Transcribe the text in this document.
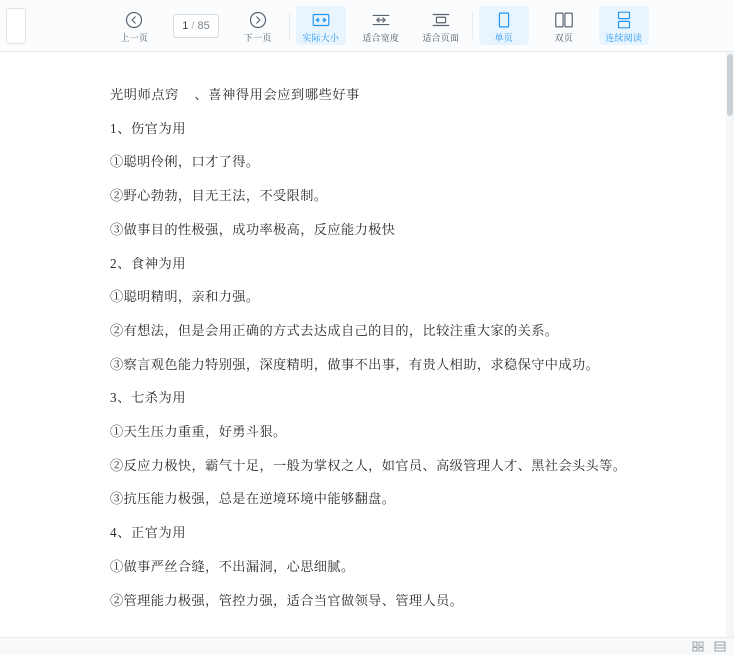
上一页
1 / 85
下一页	实际大小	适合宽度	适合页面	单页	双页	连续阅读

光明师点窍    、喜神得用会应到哪些好事

1、伤官为用

①聪明伶俐，口才了得。

②野心勃勃，目无王法，不受限制。

③做事目的性极强，成功率极高，反应能力极快

2、食神为用

①聪明精明，亲和力强。

②有想法，但是会用正确的方式去达成自己的目的，比较注重大家的关系。

③察言观色能力特别强，深度精明，做事不出事，有贵人相助，求稳保守中成功。

3、七杀为用

①天生压力重重，好勇斗狠。

②反应力极快，霸气十足，一般为掌权之人，如官员、高级管理人才、黑社会头头等。

③抗压能力极强，总是在逆境环境中能够翻盘。

4、正官为用

①做事严丝合缝，不出漏洞，心思细腻。

②管理能力极强，管控力强，适合当官做领导、管理人员。
